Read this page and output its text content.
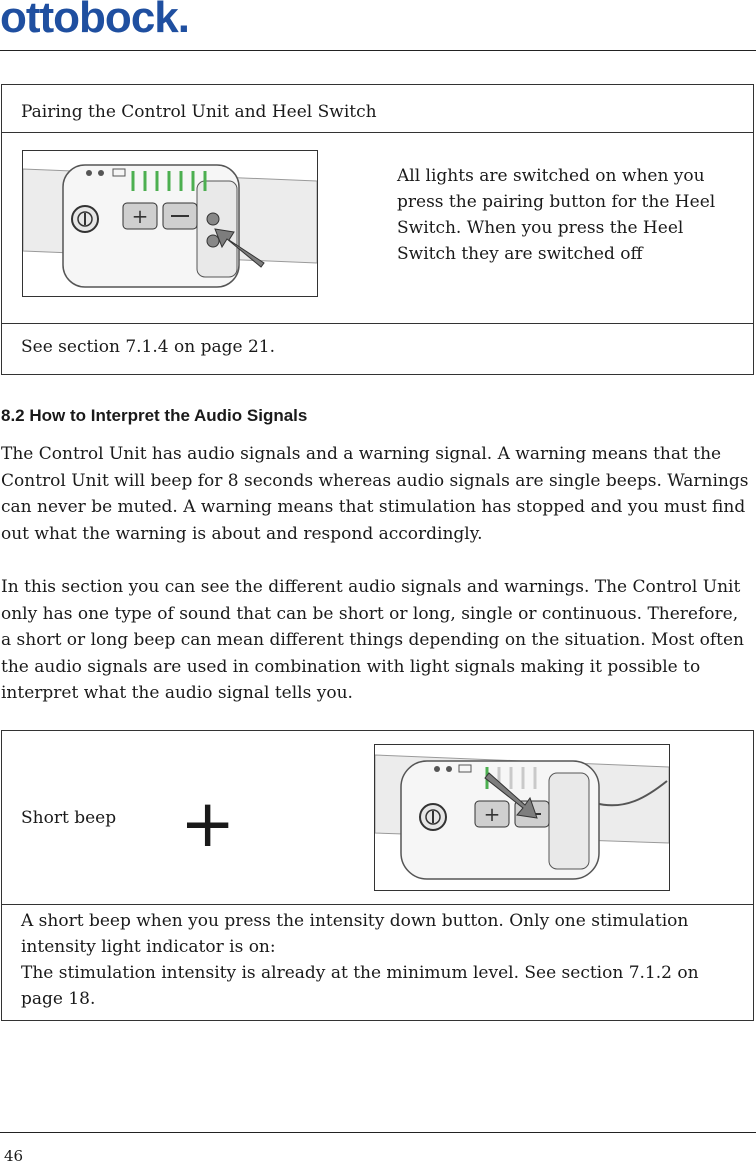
ottobock.
Pairing the Control Unit and Heel Switch
+
All lights are switched on when you press the pairing button for the Heel Switch. When you press the Heel Switch they are switched off
See section 7.1.4 on page 21.
8.2 How to Interpret the Audio Signals

The Control Unit has audio signals and a warning signal. A warning means that the Control Unit will beep for 8 seconds whereas audio signals are single beeps. Warnings can never be muted. A warning means that stimulation has stopped and you must find out what the warning is about and respond accordingly.

In this section you can see the different audio signals and warnings. The Control Unit only has one type of sound that can be short or long, single or continuous. Therefore, a short or long beep can mean different things depending on the situation. Most often the audio signals are used in combination with light signals making it possible to interpret what the audio signal tells you.

Short beep +	+
A short beep when you press the intensity down button. Only one stimulation intensity light indicator is on:
The stimulation intensity is already at the minimum level. See section 7.1.2 on page 18.
46
